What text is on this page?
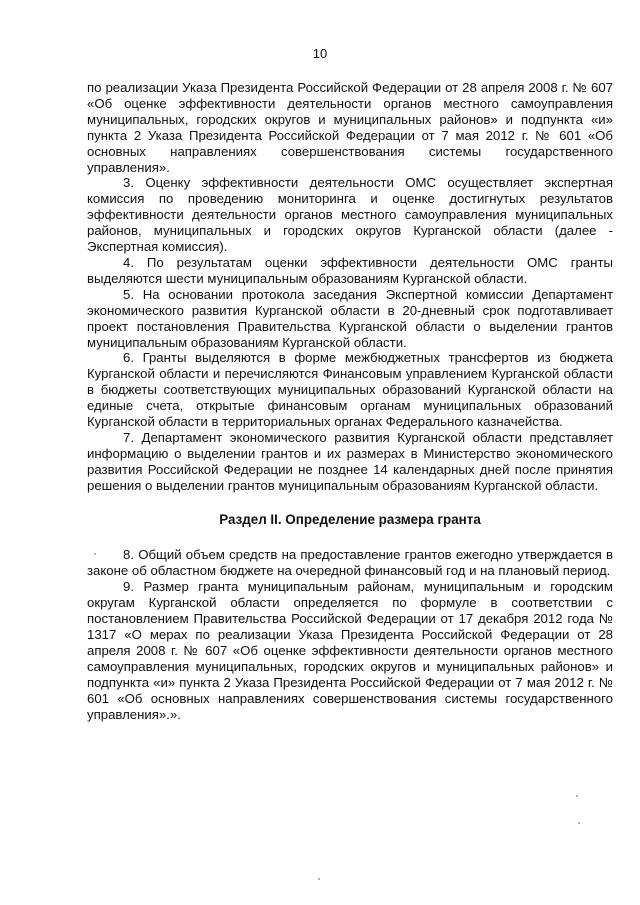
10

по реализации Указа Президента Российской Федерации от 28 апреля 2008 г. № 607 «Об оценке эффективности деятельности органов местного самоуправления муниципальных, городских округов и муниципальных районов» и подпункта «и» пункта 2 Указа Президента Российской Федерации от 7 мая 2012 г. № 601 «Об основных направлениях совершенствования системы государственного управления».

3. Оценку эффективности деятельности ОМС осуществляет экспертная комиссия по проведению мониторинга и оценке достигнутых результатов эффективности деятельности органов местного самоуправления муниципальных районов, муниципальных и городских округов Курганской области (далее - Экспертная комиссия).

4. По результатам оценки эффективности деятельности ОМС гранты выделяются шести муниципальным образованиям Курганской области.

5. На основании протокола заседания Экспертной комиссии Департамент экономического развития Курганской области в 20-дневный срок подготавливает проект постановления Правительства Курганской области о выделении грантов муниципальным образованиям Курганской области.

6. Гранты выделяются в форме межбюджетных трансфертов из бюджета Курганской области и перечисляются Финансовым управлением Курганской области в бюджеты соответствующих муниципальных образований Курганской области на единые счета, открытые финансовым органам муниципальных образований Курганской области в территориальных органах Федерального казначейства.

7. Департамент экономического развития Курганской области представляет информацию о выделении грантов и их размерах в Министерство экономического развития Российской Федерации не позднее 14 календарных дней после принятия решения о выделении грантов муниципальным образованиям Курганской области.

Раздел II. Определение размера гранта

8. Общий объем средств на предоставление грантов ежегодно утверждается в законе об областном бюджете на очередной финансовый год и на плановый период.

9. Размер гранта муниципальным районам, муниципальным и городским округам Курганской области определяется по формуле в соответствии с постановлением Правительства Российской Федерации от 17 декабря 2012 года № 1317 «О мерах по реализации Указа Президента Российской Федерации от 28 апреля 2008 г. № 607 «Об оценке эффективности деятельности органов местного самоуправления муниципальных, городских округов и муниципальных районов» и подпункта «и» пункта 2 Указа Президента Российской Федерации от 7 мая 2012 г. № 601 «Об основных направлениях совершенствования системы государственного управления».».
